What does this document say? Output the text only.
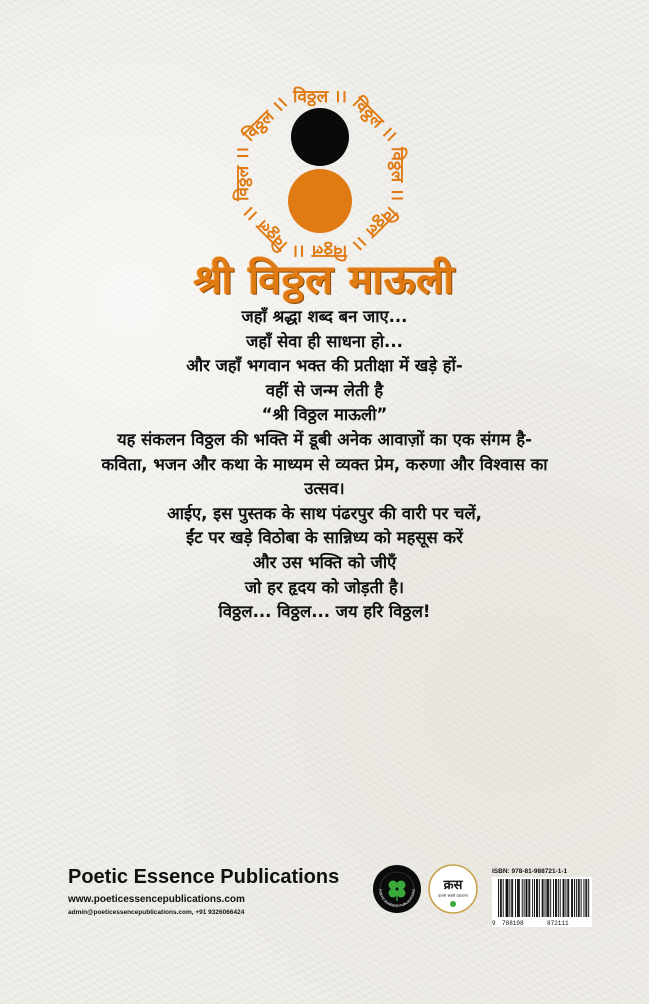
विठ्ठल ।। विठ्ठल ।।
विठ्ठल ।।
विठ्ठल ।।
विठ्ठल ।।
विठ्ठल ।।
विठ्ठल ।।
विठ्ठल ।।
श्री विठ्ठल माऊली
जहाँ श्रद्धा शब्द बन जाए...
जहाँ सेवा ही साधना हो...
और जहाँ भगवान भक्त की प्रतीक्षा में खड़े हों-
वहीं से जन्म लेती है
“श्री विठ्ठल माऊली”
यह संकलन विठ्ठल की भक्ति में डूबी अनेक आवाज़ों का एक संगम है-
कविता, भजन और कथा के माध्यम से व्यक्त प्रेम, करुणा और विश्वास का
उत्सव।
आईए, इस पुस्तक के साथ पंढरपुर की वारी पर चलें,
ईंट पर खड़े विठोबा के सान्निध्य को महसूस करें
और उस भक्ति को जीएँ
जो हर हृदय को जोड़ती है।
विठ्ठल... विठ्ठल... जय हरि विठ्ठल!
Poetic Essence Publications
www.poeticessencepublications.com
admin@poeticessencepublications.com, +91 9326066424
POETIC ESSENCE PUBLICATIONS क्रस
कलम सबसे प्रकाशन
ISBN: 978-81-988721-1-1
9 788198	872111
